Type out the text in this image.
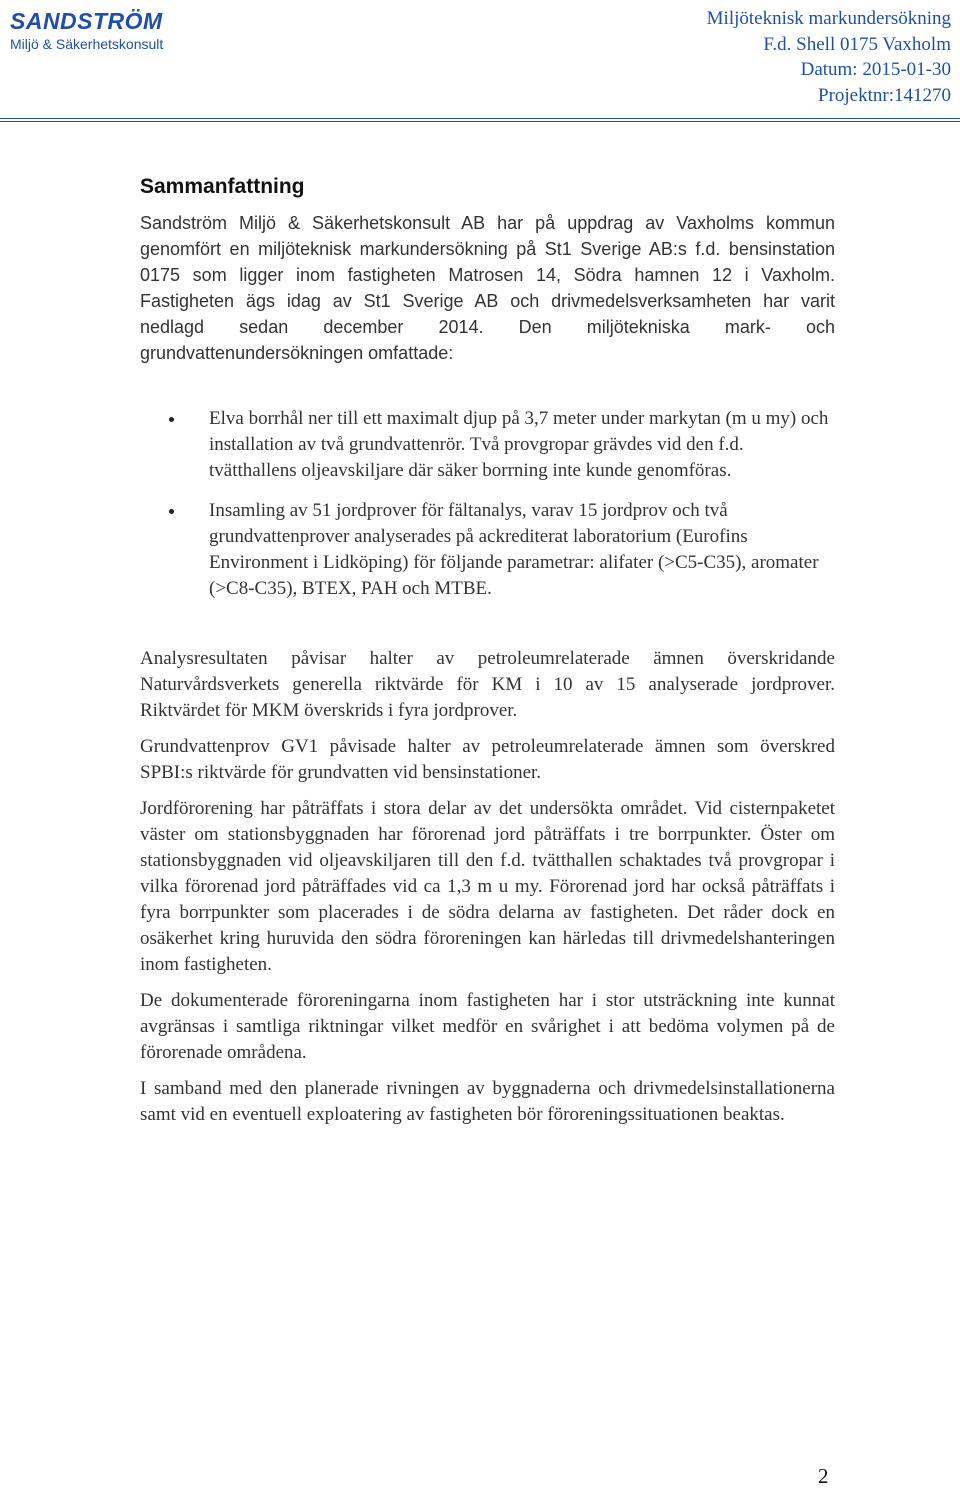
SANDSTRÖM
Miljö & Säkerhetskonsult
Miljöteknisk markundersökning
F.d. Shell 0175 Vaxholm
Datum: 2015-01-30
Projektnr:141270
Sammanfattning

Sandström Miljö & Säkerhetskonsult AB har på uppdrag av Vaxholms kommun genomfört en miljöteknisk markundersökning på St1 Sverige AB:s f.d. bensinstation 0175 som ligger inom fastigheten Matrosen 14, Södra hamnen 12 i Vaxholm. Fastigheten ägs idag av St1 Sverige AB och drivmedelsverksamheten har varit nedlagd sedan december 2014. Den miljötekniska mark- och grundvattenundersökningen omfattade:

Elva borrhål ner till ett maximalt djup på 3,7 meter under markytan (m u my) och installation av två grundvattenrör. Två provgropar grävdes vid den f.d. tvätthallens oljeavskiljare där säker borrning inte kunde genomföras.
Insamling av 51 jordprover för fältanalys, varav 15 jordprov och två grundvattenprover analyserades på ackrediterat laboratorium (Eurofins Environment i Lidköping) för följande parametrar: alifater (>C5-C35), aromater (>C8-C35), BTEX, PAH och MTBE.

Analysresultaten påvisar halter av petroleumrelaterade ämnen överskridande Naturvårdsverkets generella riktvärde för KM i 10 av 15 analyserade jordprover. Riktvärdet för MKM överskrids i fyra jordprover.

Grundvattenprov GV1 påvisade halter av petroleumrelaterade ämnen som överskred SPBI:s riktvärde för grundvatten vid bensinstationer.

Jordförorening har påträffats i stora delar av det undersökta området. Vid cisternpaketet väster om stationsbyggnaden har förorenad jord påträffats i tre borrpunkter. Öster om stationsbyggnaden vid oljeavskiljaren till den f.d. tvätthallen schaktades två provgropar i vilka förorenad jord påträffades vid ca 1,3 m u my. Förorenad jord har också påträffats i fyra borrpunkter som placerades i de södra delarna av fastigheten. Det råder dock en osäkerhet kring huruvida den södra föroreningen kan härledas till drivmedelshanteringen inom fastigheten.

De dokumenterade föroreningarna inom fastigheten har i stor utsträckning inte kunnat avgränsas i samtliga riktningar vilket medför en svårighet i att bedöma volymen på de förorenade områdena.

I samband med den planerade rivningen av byggnaderna och drivmedelsinstallationerna samt vid en eventuell exploatering av fastigheten bör föroreningssituationen beaktas.

2
